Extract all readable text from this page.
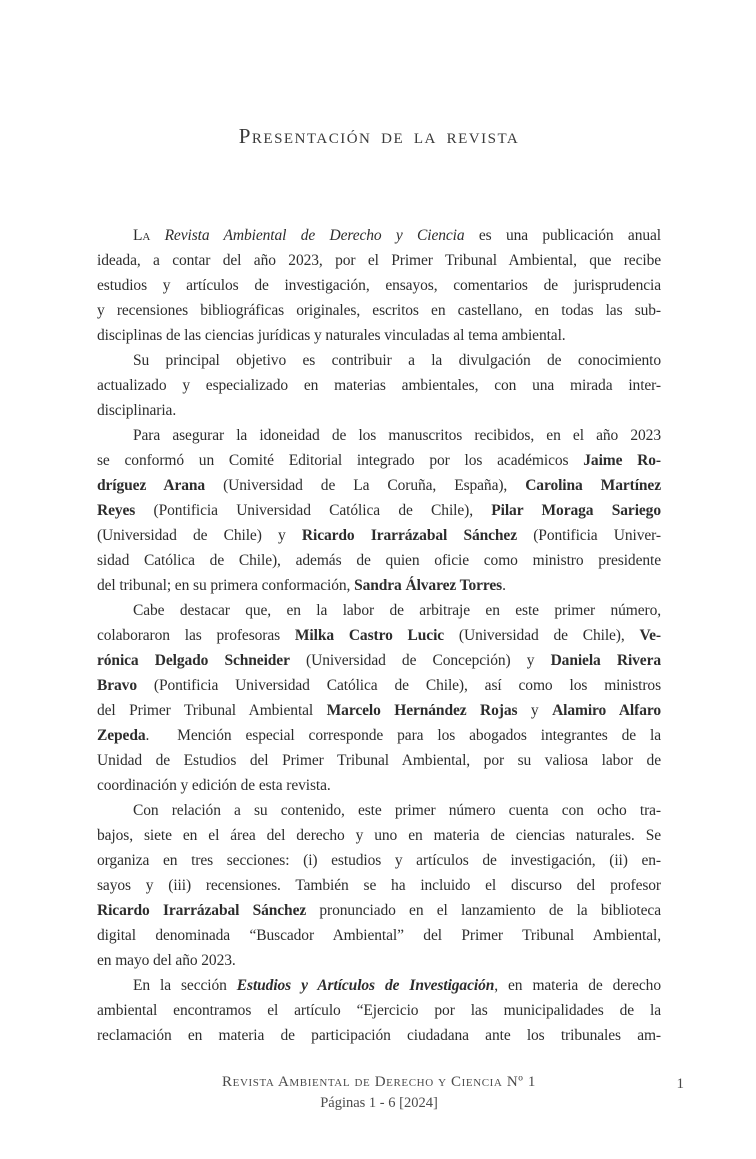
Presentación de la revista
La Revista Ambiental de Derecho y Ciencia es una publicación anual
ideada, a contar del año 2023, por el Primer Tribunal Ambiental, que recibe
estudios y artículos de investigación, ensayos, comentarios de jurisprudencia
y recensiones bibliográficas originales, escritos en castellano, en todas las sub-
disciplinas de las ciencias jurídicas y naturales vinculadas al tema ambiental.
Su principal objetivo es contribuir a la divulgación de conocimiento
actualizado y especializado en materias ambientales, con una mirada inter-
disciplinaria.
Para asegurar la idoneidad de los manuscritos recibidos, en el año 2023
se conformó un Comité Editorial integrado por los académicos Jaime Ro-
dríguez Arana (Universidad de La Coruña, España), Carolina Martínez
Reyes (Pontificia Universidad Católica de Chile), Pilar Moraga Sariego
(Universidad de Chile) y Ricardo Irarrázabal Sánchez (Pontificia Univer-
sidad Católica de Chile), además de quien oficie como ministro presidente
del tribunal; en su primera conformación, Sandra Álvarez Torres.
Cabe destacar que, en la labor de arbitraje en este primer número,
colaboraron las profesoras Milka Castro Lucic (Universidad de Chile), Ve-
rónica Delgado Schneider (Universidad de Concepción) y Daniela Rivera
Bravo (Pontificia Universidad Católica de Chile), así como los ministros
del Primer Tribunal Ambiental Marcelo Hernández Rojas y Alamiro Alfaro
Zepeda.  Mención especial corresponde para los abogados integrantes de la
Unidad de Estudios del Primer Tribunal Ambiental, por su valiosa labor de
coordinación y edición de esta revista.
Con relación a su contenido, este primer número cuenta con ocho tra-
bajos, siete en el área del derecho y uno en materia de ciencias naturales. Se
organiza en tres secciones: (i) estudios y artículos de investigación, (ii) en-
sayos y (iii) recensiones. También se ha incluido el discurso del profesor
Ricardo Irarrázabal Sánchez pronunciado en el lanzamiento de la biblioteca
digital denominada “Buscador Ambiental” del Primer Tribunal Ambiental,
en mayo del año 2023.
En la sección Estudios y Artículos de Investigación, en materia de derecho
ambiental encontramos el artículo “Ejercicio por las municipalidades de la
reclamación en materia de participación ciudadana ante los tribunales am-
Revista Ambiental de Derecho y Ciencia Nº 1
Páginas 1 - 6 [2024]
1
